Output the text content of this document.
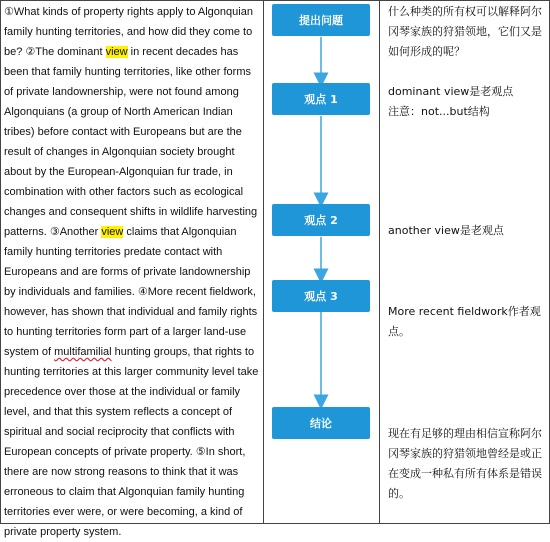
①What kinds of property rights apply to Algonquian family hunting territories, and how did they come to be? ②The dominant view in recent decades has been that family hunting territories, like other forms of private landownership, were not found among Algonquians (a group of North American Indian tribes) before contact with Europeans but are the result of changes in Algonquian society brought about by the European-Algonquian fur trade, in combination with other factors such as ecological changes and consequent shifts in wildlife harvesting patterns. ③Another view claims that Algonquian family hunting territories predate contact with Europeans and are forms of private landownership by individuals and families. ④More recent fieldwork, however, has shown that individual and family rights to hunting territories form part of a larger land-use system of multifamilial hunting groups, that rights to hunting territories at this larger community level take precedence over those at the individual or family level, and that this system reflects a concept of spiritual and social reciprocity that conflicts with European concepts of private property. ⑤In short, there are now strong reasons to think that it was erroneous to claim that Algonquian family hunting territories ever were, or were becoming, a kind of private property system.

提出问题
观点 1
观点 2
观点 3
结论
什么种类的所有权可以解释阿尔冈琴家族的狩猎领地，它们又是如何形成的呢？
dominant view是老观点
注意：not...but结构
another view是老观点
More recent fieldwork作者观点。
现在有足够的理由相信宣称阿尔冈琴家族的狩猎领地曾经是或正在变成一种私有所有体系是错误的。
